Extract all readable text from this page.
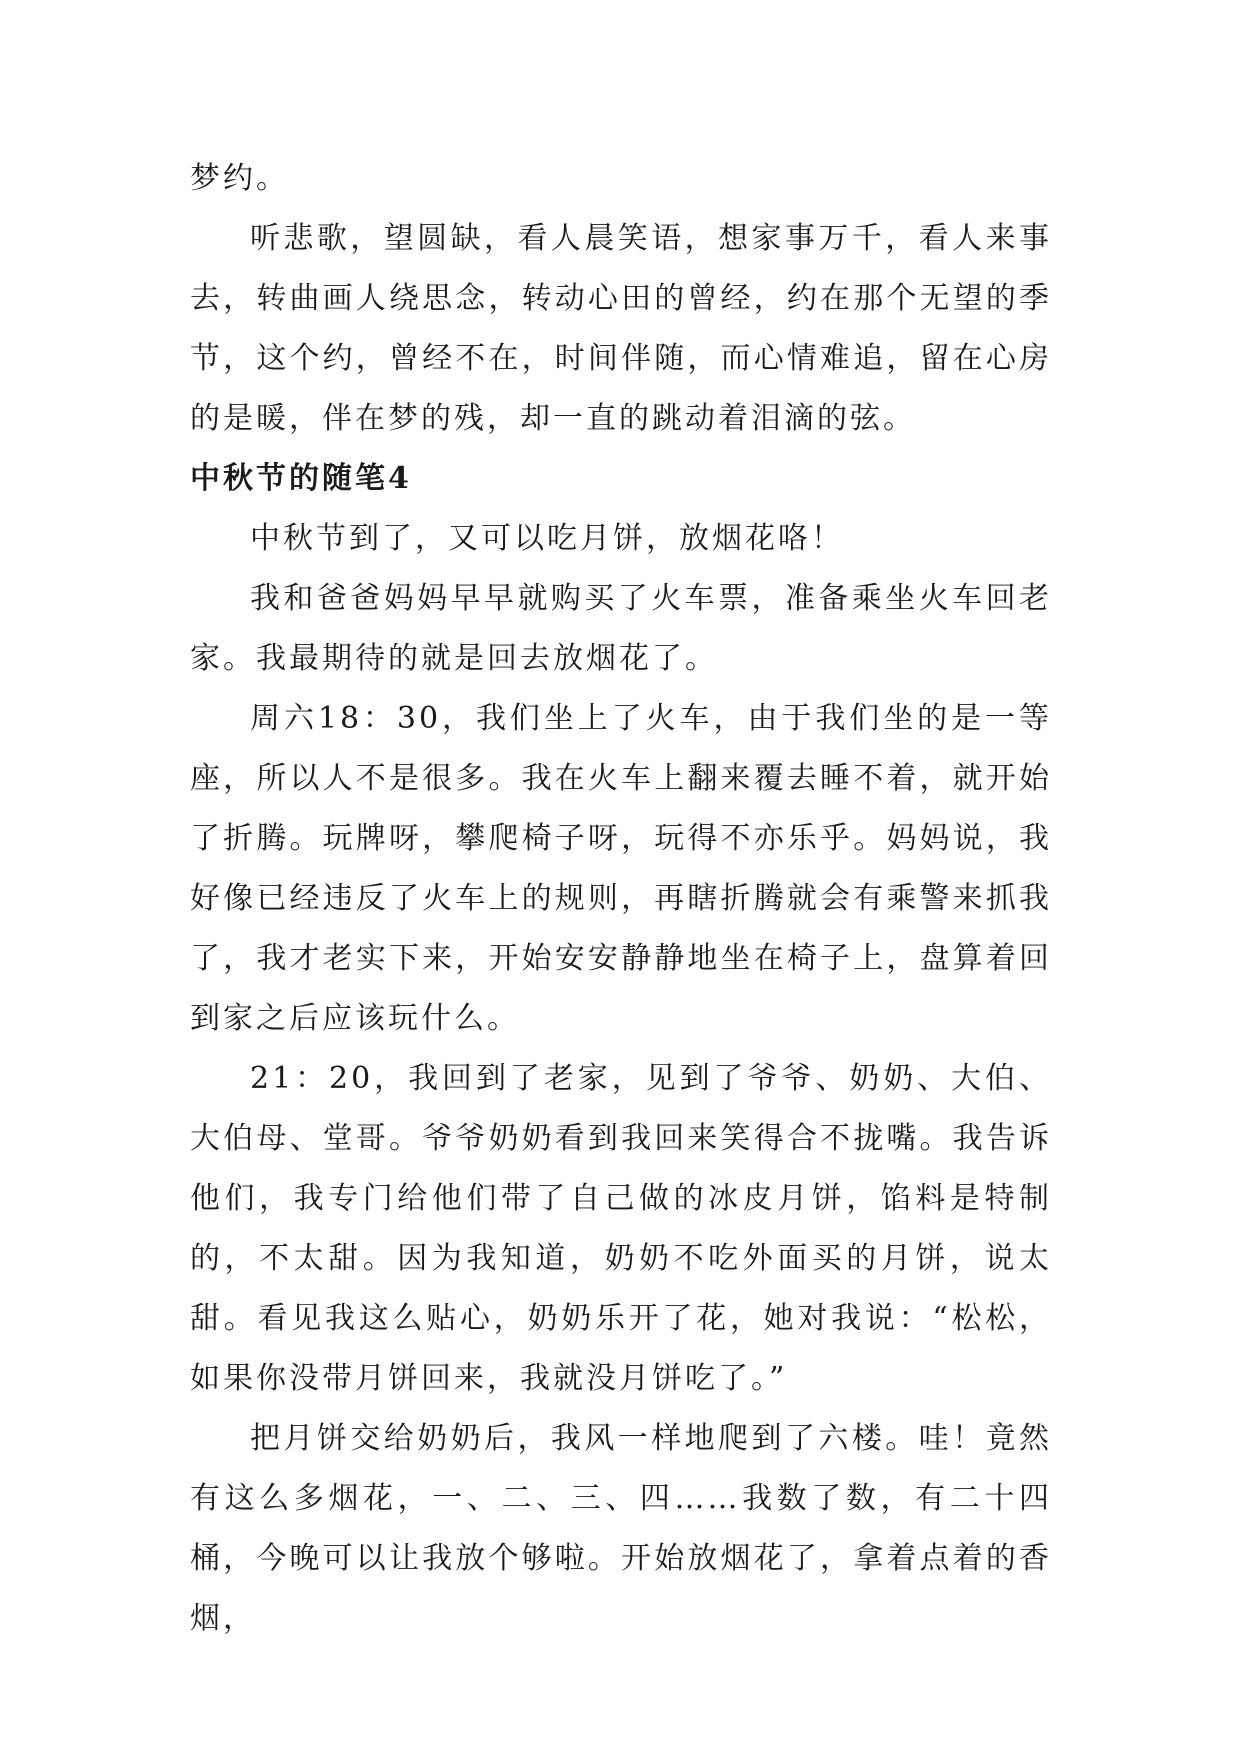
梦约。

听悲歌，望圆缺，看人晨笑语，想家事万千，看人来事去，转曲画人绕思念，转动心田的曾经，约在那个无望的季节，这个约，曾经不在，时间伴随，而心情难追，留在心房的是暖，伴在梦的残，却一直的跳动着泪滴的弦。

中秋节的随笔4

中秋节到了，又可以吃月饼，放烟花咯！

我和爸爸妈妈早早就购买了火车票，准备乘坐火车回老家。我最期待的就是回去放烟花了。

周六18：30，我们坐上了火车，由于我们坐的是一等座，所以人不是很多。我在火车上翻来覆去睡不着，就开始了折腾。玩牌呀，攀爬椅子呀，玩得不亦乐乎。妈妈说，我好像已经违反了火车上的规则，再瞎折腾就会有乘警来抓我了，我才老实下来，开始安安静静地坐在椅子上，盘算着回到家之后应该玩什么。

21：20，我回到了老家，见到了爷爷、奶奶、大伯、大伯母、堂哥。爷爷奶奶看到我回来笑得合不拢嘴。我告诉他们，我专门给他们带了自己做的冰皮月饼，馅料是特制的，不太甜。因为我知道，奶奶不吃外面买的月饼，说太甜。看见我这么贴心，奶奶乐开了花，她对我说：“松松，如果你没带月饼回来，我就没月饼吃了。”

把月饼交给奶奶后，我风一样地爬到了六楼。哇！竟然有这么多烟花，一、二、三、四……我数了数，有二十四桶，今晚可以让我放个够啦。开始放烟花了，拿着点着的香烟，
